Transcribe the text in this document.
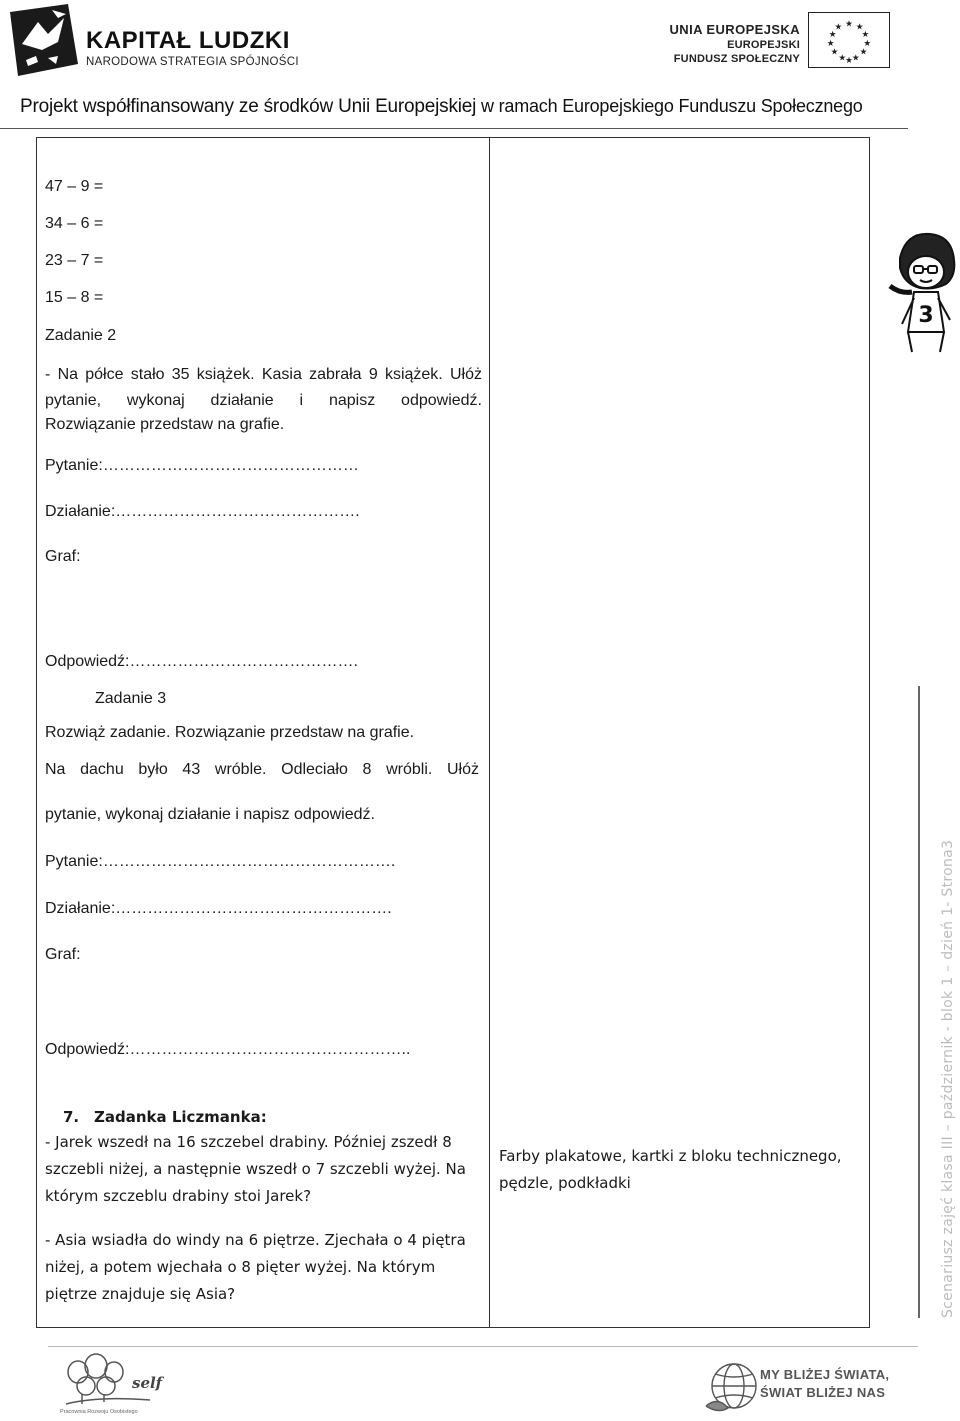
KAPITAŁ LUDZKI
NARODOWA STRATEGIA SPÓJNOŚCI
UNIA EUROPEJSKA
EUROPEJSKI
FUNDUSZ SPOŁECZNY
★ ★
★
★
★
★
★
★
★
★
★
★
Projekt współfinansowany ze środków Unii Europejskiej w ramach Europejskiego Funduszu Społecznego
47 – 9 =
34 – 6 =
23 – 7 =
15 – 8 =
Zadanie 2
- Na półce stało 35 książek. Kasia zabrała 9 książek. Ułóż pytanie, wykonaj działanie i napisz odpowiedź.
Rozwiązanie przedstaw na grafie.
Pytanie:…………………………………………
Działanie:……………………………………….
Graf:
Odpowiedź:…………………………………….
Zadanie 3
Rozwiąż zadanie. Rozwiązanie przedstaw na grafie.
Na dachu było 43 wróble. Odleciało 8 wróbli. Ułóż
pytanie, wykonaj działanie i napisz odpowiedź.
Pytanie:……………………………………………….
Działanie:…………………………………………….
Graf:
Odpowiedź:……………………………………………..
7. Zadanka Liczmanka:
- Jarek wszedł na 16 szczebel drabiny. Później zszedł 8 szczebli niżej, a następnie wszedł o 7 szczebli wyżej. Na którym szczeblu drabiny stoi Jarek?
- Asia wsiadła do windy na 6 piętrze. Zjechała o 4 piętra niżej, a potem wjechała o 8 pięter wyżej. Na którym piętrze znajduje się Asia?
Farby plakatowe, kartki z bloku technicznego, pędzle, podkładki
3
Scenariusz zajęć klasa III – październik - blok 1 – dzień 1- Strona3
self
Pracownia Rozwoju Osobistego
MY BLIŻEJ ŚWIATA,
ŚWIAT BLIŻEJ NAS
